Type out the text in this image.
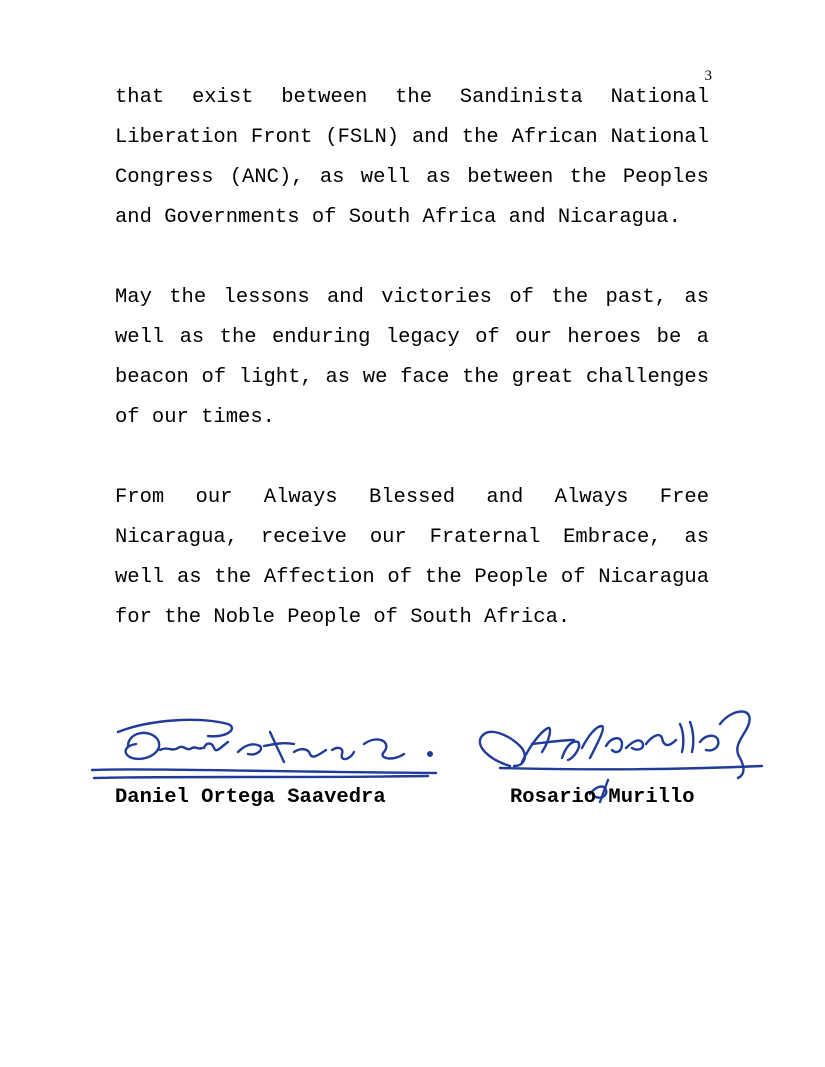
3

that exist between the Sandinista National Liberation Front (FSLN) and the African National Congress (ANC), as well as between the Peoples and Governments of South Africa and Nicaragua.

May the lessons and victories of the past, as well as the enduring legacy of our heroes be a beacon of light, as we face the great challenges of our times.

From our Always Blessed and Always Free Nicaragua, receive our Fraternal Embrace, as well as the Affection of the People of Nicaragua for the Noble People of South Africa.

Daniel Ortega Saavedra	Rosario Murillo
